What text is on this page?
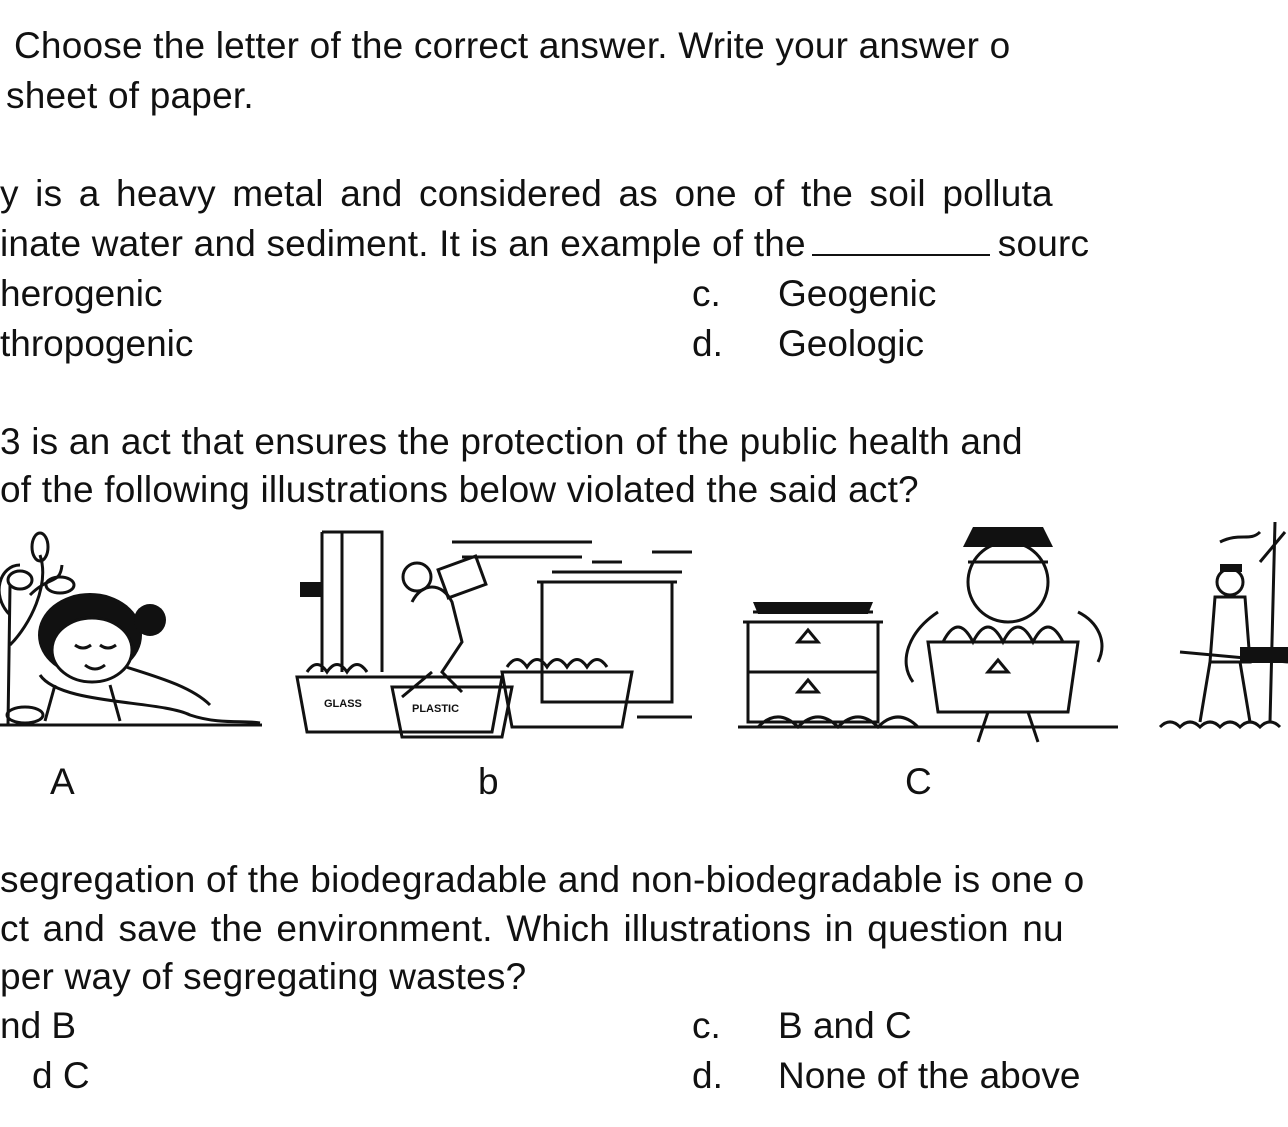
Choose the letter of the correct answer. Write your answer o
sheet of paper.
y is a heavy metal and considered as one of the soil polluta
inate water and sediment. It is an example of the	sourc
herogenic	c. Geogenic
thropogenic	d. Geologic
3 is an act that ensures the protection of the public health and
of the following illustrations below violated the said act?
A
GLASS	PLASTIC
b	C
segregation of the biodegradable and non-biodegradable is one o
ct and save the environment. Which illustrations in question nu
per way of segregating wastes?
nd B	c. B and C
d C	d. None of the above
